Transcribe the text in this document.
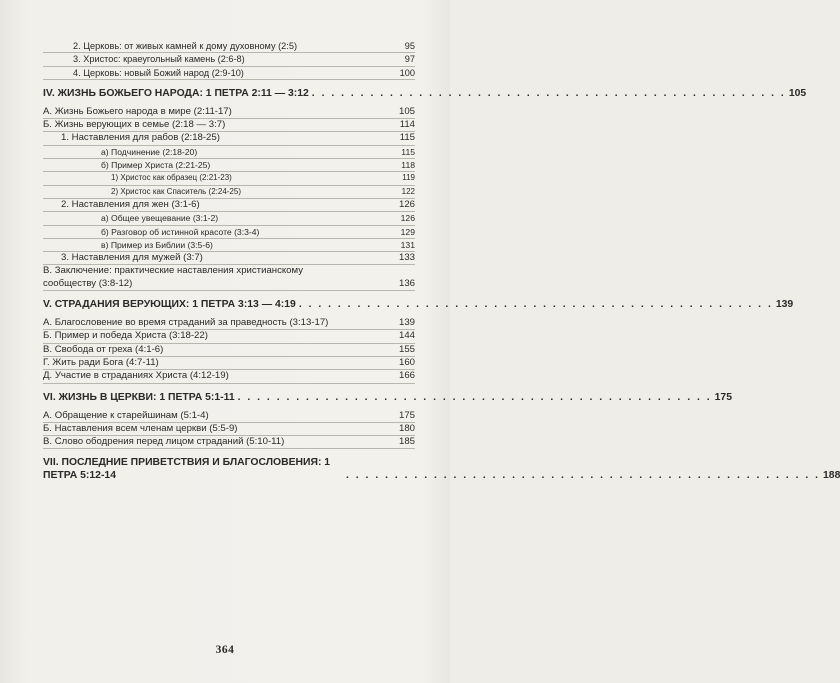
2. Церковь: от живых камней к дому духовному (2:5)	95
3. Христос: краеугольный камень (2:6-8)	97
4. Церковь: новый Божий народ (2:9-10)	100
IV. ЖИЗНЬ БОЖЬЕГО НАРОДА: 1 ПЕТРА 2:11 — 3:12 . . . . . . . . . . . . . . . . . . . . . . . . . . . . . . . . . . . . . . . . . . . . . . . . . 105
А. Жизнь Божьего народа в мире (2:11-17)	105
Б. Жизнь верующих в семье (2:18 — 3:7)	114
1. Наставления для рабов (2:18-25)	115
а) Подчинение (2:18-20)	115
б) Пример Христа (2:21-25)	118
1) Христос как образец (2:21-23)	119
2) Христос как Спаситель (2:24-25)	122
2. Наставления для жен (3:1-6)	126
а) Общее увещевание (3:1-2)	126
б) Разговор об истинной красоте (3:3-4)	129
в) Пример из Библии (3:5-6)	131
3. Наставления для мужей (3:7)	133
В. Заключение: практические наставления христианскому сообществу (3:8-12)	136
V. СТРАДАНИЯ ВЕРУЮЩИХ: 1 ПЕТРА 3:13 — 4:19 . . . . . . . . . . . . . . . . . . . . . . . . . . . . . . . . . . . . . . . . . . . . . . . . . 139
А. Благословение во время страданий за праведность (3:13-17)	139
Б. Пример и победа Христа (3:18-22)	144
В. Свобода от греха (4:1-6)	155
Г. Жить ради Бога (4:7-11)	160
Д. Участие в страданиях Христа (4:12-19)	166
VI. ЖИЗНЬ В ЦЕРКВИ: 1 ПЕТРА 5:1-11 . . . . . . . . . . . . . . . . . . . . . . . . . . . . . . . . . . . . . . . . . . . . . . . . . 175
А. Обращение к старейшинам (5:1-4)	175
Б. Наставления всем членам церкви (5:5-9)	180
В. Слово ободрения перед лицом страданий (5:10-11)	185
VII. ПОСЛЕДНИЕ ПРИВЕТСТВИЯ И БЛАГОСЛОВЕНИЯ: 1 ПЕТРА 5:12-14	. . . . . . . . . . . . . . . . . . . . . . . . . . . . . . . . . . . . . . . . . . . . . . . . . 188
364
